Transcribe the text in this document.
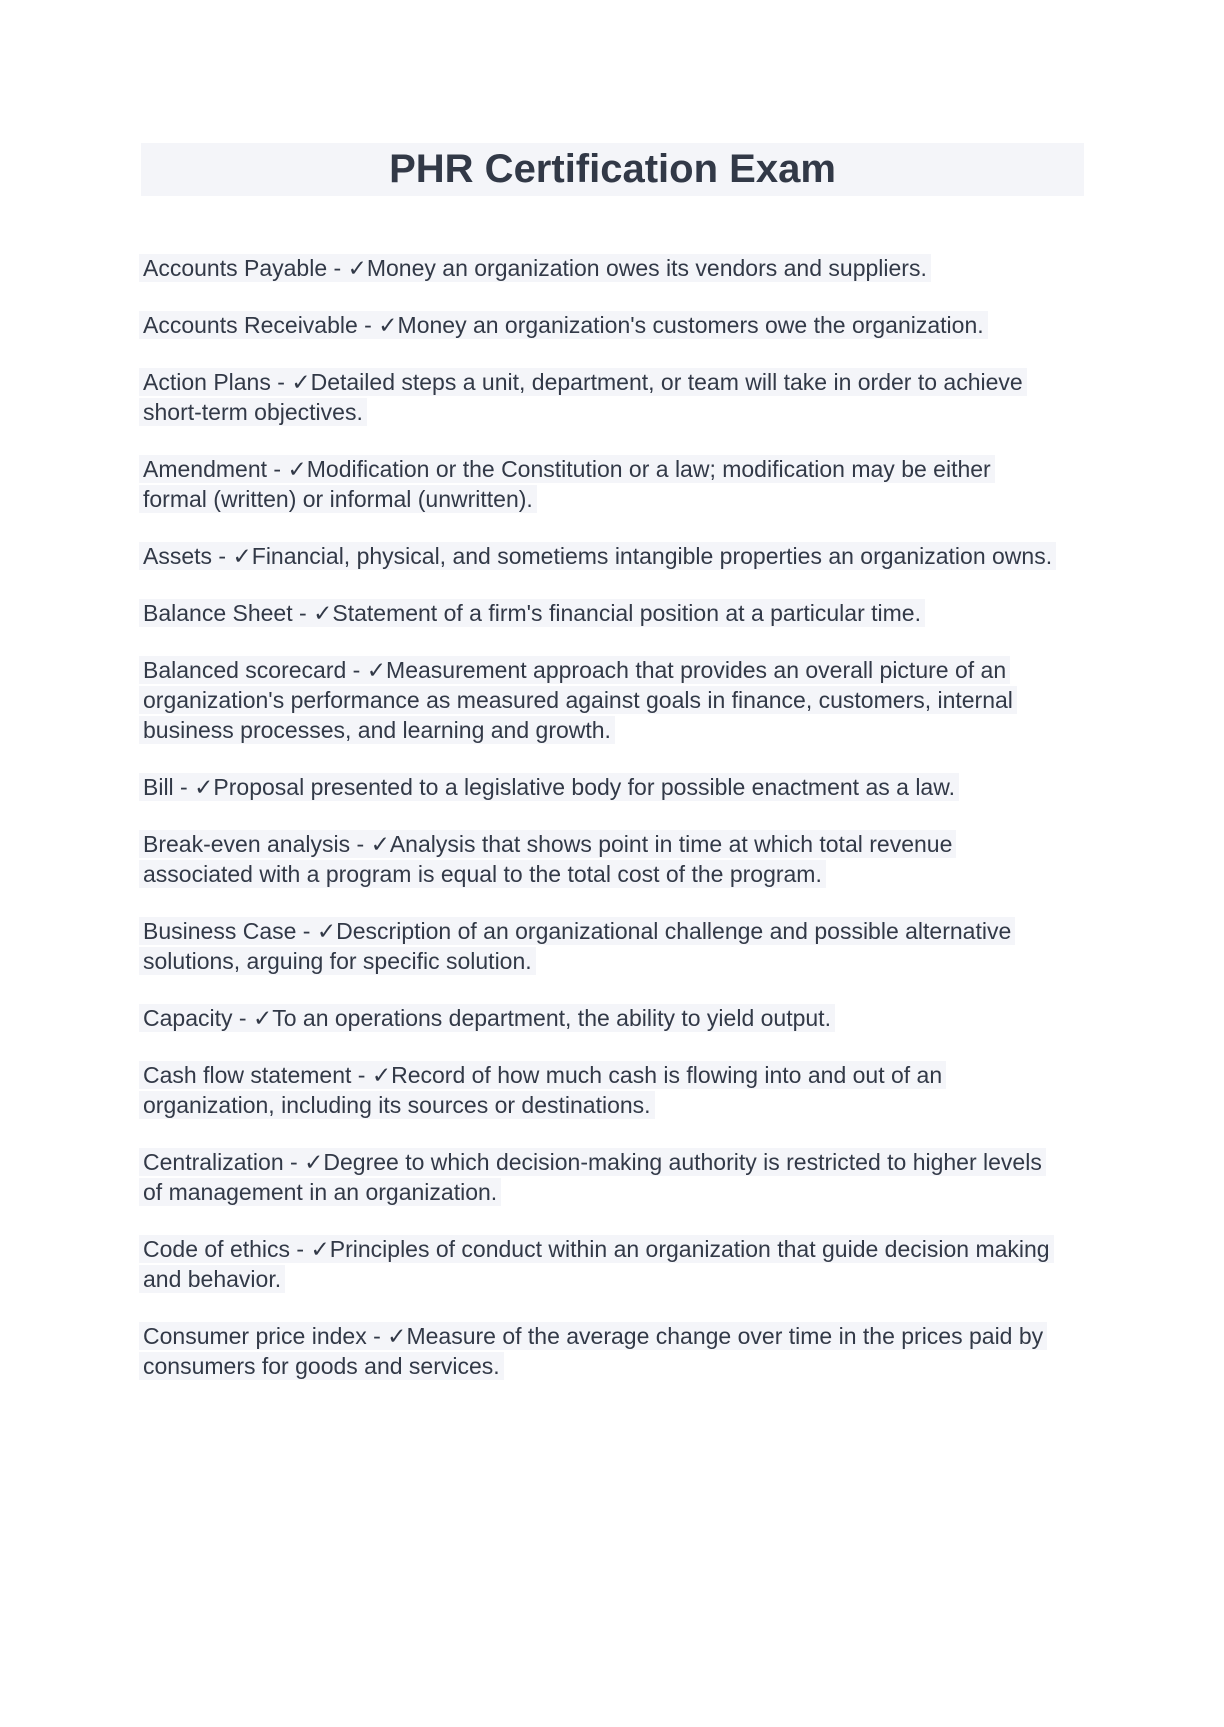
PHR Certification Exam

Accounts Payable - ✓Money an organization owes its vendors and suppliers.

Accounts Receivable - ✓Money an organization's customers owe the organization.

Action Plans - ✓Detailed steps a unit, department, or team will take in order to achieve short-term objectives.

Amendment - ✓Modification or the Constitution or a law; modification may be either formal (written) or informal (unwritten).

Assets - ✓Financial, physical, and sometiems intangible properties an organization owns.

Balance Sheet - ✓Statement of a firm's financial position at a particular time.

Balanced scorecard - ✓Measurement approach that provides an overall picture of an organization's performance as measured against goals in finance, customers, internal business processes, and learning and growth.

Bill - ✓Proposal presented to a legislative body for possible enactment as a law.

Break-even analysis - ✓Analysis that shows point in time at which total revenue associated with a program is equal to the total cost of the program.

Business Case - ✓Description of an organizational challenge and possible alternative solutions, arguing for specific solution.

Capacity - ✓To an operations department, the ability to yield output.

Cash flow statement - ✓Record of how much cash is flowing into and out of an organization, including its sources or destinations.

Centralization - ✓Degree to which decision-making authority is restricted to higher levels of management in an organization.

Code of ethics - ✓Principles of conduct within an organization that guide decision making and behavior.

Consumer price index - ✓Measure of the average change over time in the prices paid by consumers for goods and services.
